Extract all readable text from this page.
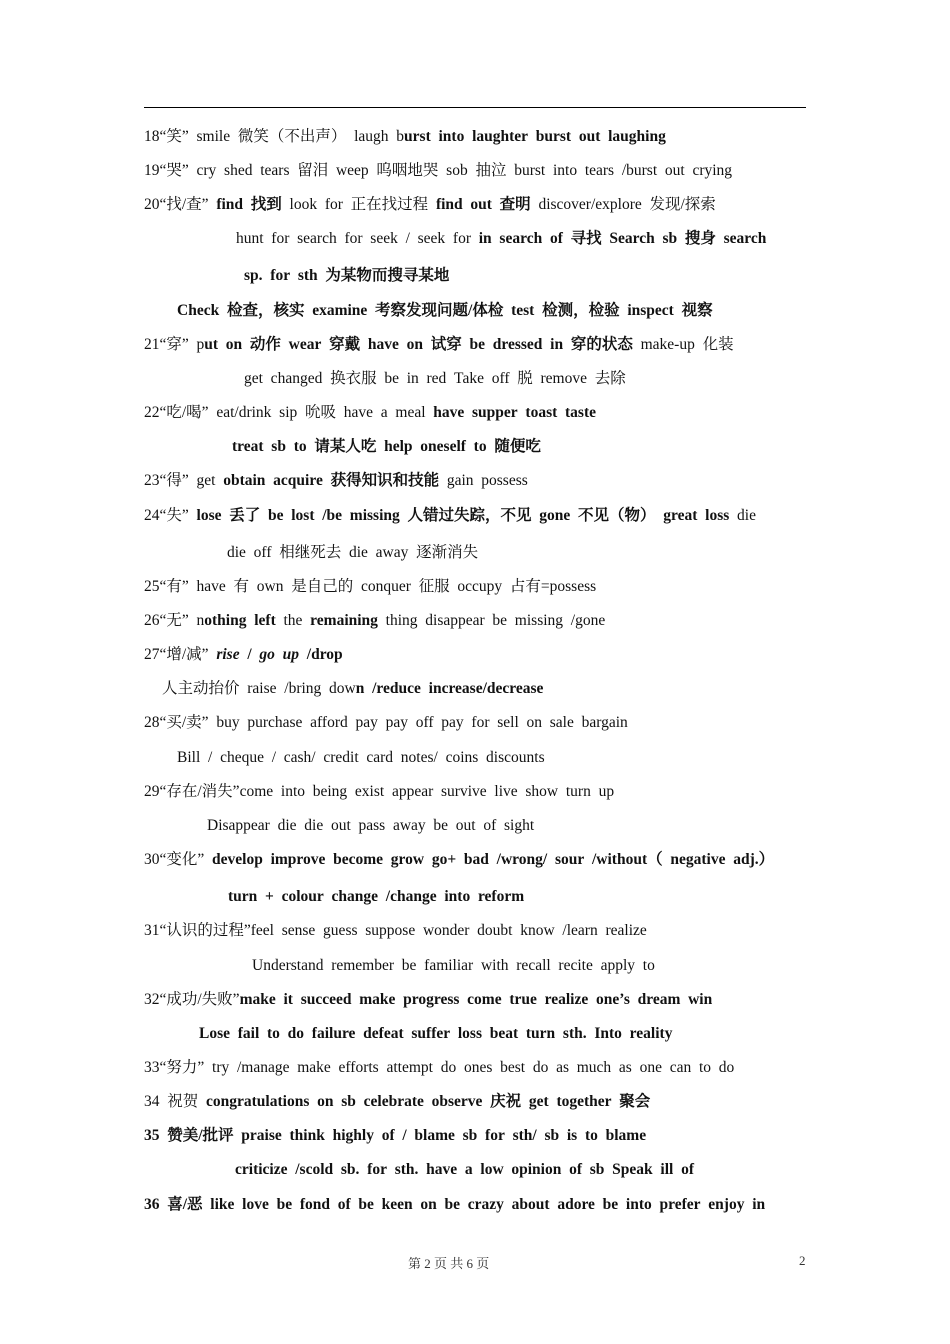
18“笑”  smile  微笑（不出声）  laugh  burst  into  laughter  burst  out  laughing
19“哭”  cry  shed  tears  留泪  weep  呜咽地哭  sob  抽泣  burst  into  tears  /burst  out  crying
20“找/查”  find  找到  look  for  正在找过程  find  out  查明  discover/explore  发现/探索
hunt  for  search  for  seek  /  seek  for  in  search  of  寻找  Search  sb  搜身  search
sp.  for  sth  为某物而搜寻某地
Check  检查，核实  examine  考察发现问题/体检  test  检测，检验  inspect  视察
21“穿”  put  on  动作  wear  穿戴  have  on  试穿  be  dressed  in  穿的状态  make-up  化装
get  changed  换衣服  be  in  red  Take  off  脱  remove  去除
22“吃/喝”  eat/drink  sip  吮吸  have  a  meal  have  supper  toast  taste
treat  sb  to  请某人吃  help  oneself  to  随便吃
23“得”  get  obtain  acquire  获得知识和技能  gain  possess
24“失”  lose  丢了  be  lost  /be  missing  人错过失踪，不见  gone  不见（物）  great  loss  die
die  off  相继死去  die  away  逐渐消失
25“有”  have  有  own  是自己的  conquer  征服  occupy  占有=possess
26“无”  nothing  left  the  remaining  thing  disappear  be  missing  /gone
27“增/减”  rise  /  go  up  /drop
人主动抬价  raise  /bring  down  /reduce  increase/decrease
28“买/卖”  buy  purchase  afford  pay  pay  off  pay  for  sell  on  sale  bargain
Bill  /  cheque  /  cash/  credit  card  notes/  coins  discounts
29“存在/消失”come  into  being  exist  appear  survive  live  show  turn  up
Disappear  die  die  out  pass  away  be  out  of  sight
30“变化”  develop  improve  become  grow  go+  bad  /wrong/  sour  /without（  negative  adj.）
turn  +  colour  change  /change  into  reform
31“认识的过程”feel  sense  guess  suppose  wonder  doubt  know  /learn  realize
Understand  remember  be  familiar  with  recall  recite  apply  to
32“成功/失败”make  it  succeed  make  progress  come  true  realize  one’s  dream  win
Lose  fail  to  do  failure  defeat  suffer  loss  beat  turn  sth.  Into  reality
33“努力”  try  /manage  make  efforts  attempt  do  ones  best  do  as  much  as  one  can  to  do
34  祝贺  congratulations  on  sb  celebrate  observe  庆祝  get  together  聚会
35  赞美/批评  praise  think  highly  of  /  blame  sb  for  sth/  sb  is  to  blame
criticize  /scold  sb.  for  sth.  have  a  low  opinion  of  sb  Speak  ill  of
36  喜/恶  like  love  be  fond  of  be  keen  on  be  crazy  about  adore  be  into  prefer  enjoy  in
第 2 页 共 6 页	2
